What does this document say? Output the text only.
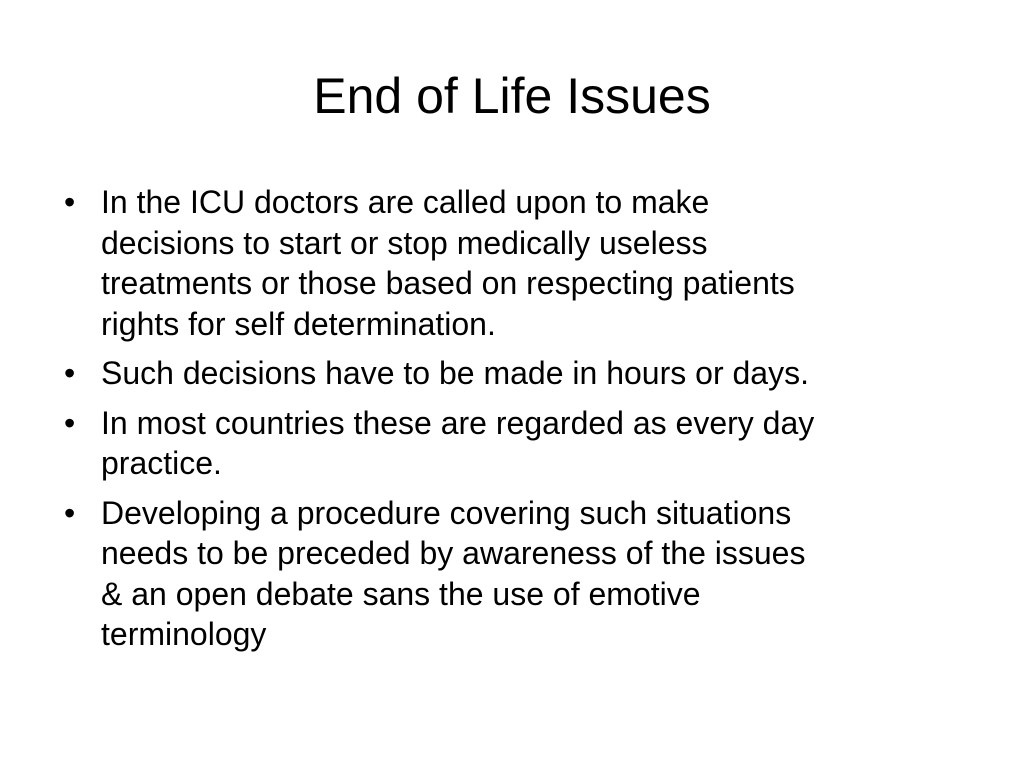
End of Life Issues
• In the ICU doctors are called upon to make
decisions to start or stop medically useless
treatments or those based on respecting patients
rights for self determination.
• Such decisions have to be made in hours or days.
• In most countries these are regarded as every day
practice.
• Developing a procedure covering such situations
needs to be preceded by awareness of the issues
& an open debate sans the use of emotive
terminology
